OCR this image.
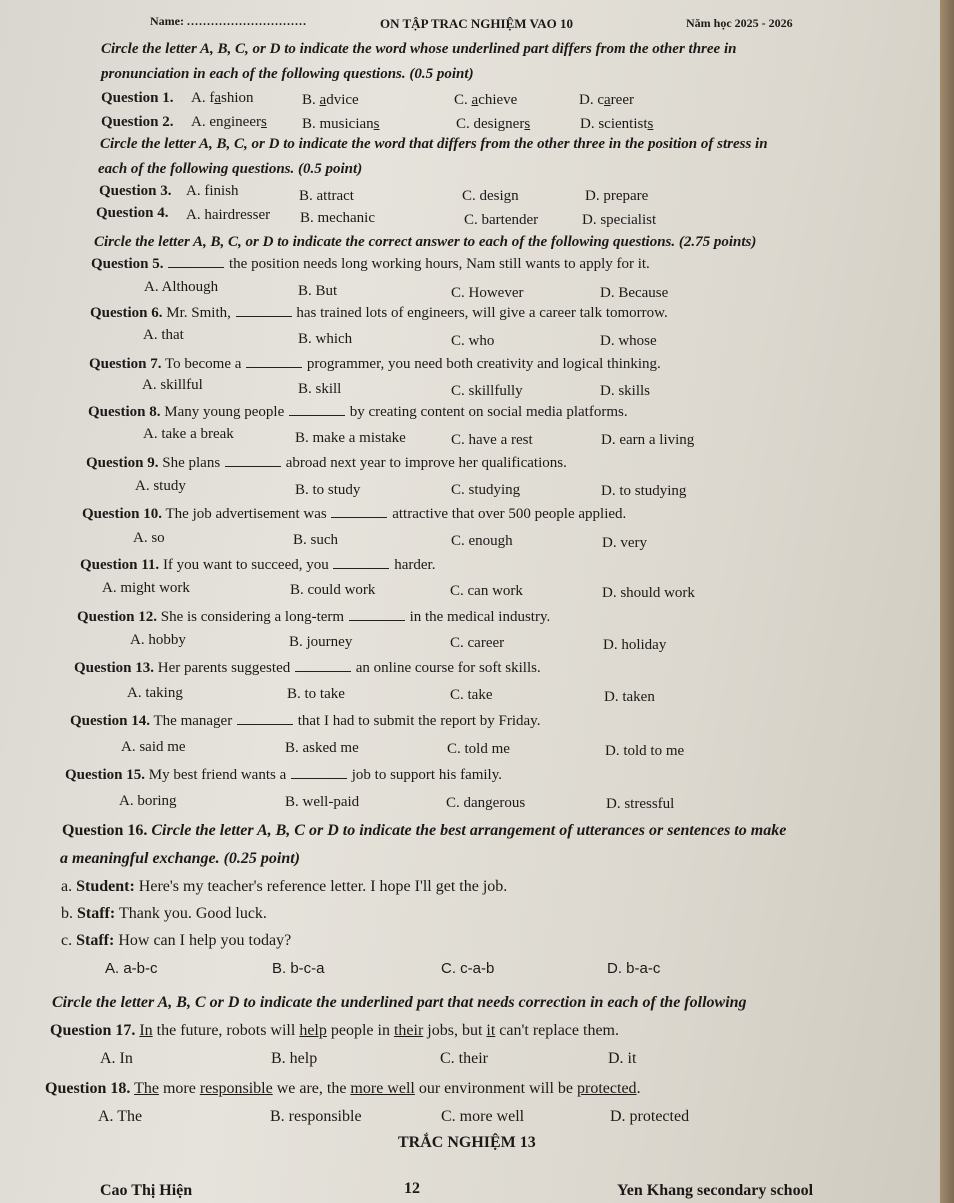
Name: ..............................	ON TẬP TRAC NGHIỆM VAO 10	Năm học 2025 - 2026
Circle the letter A, B, C, or D to indicate the word whose underlined part differs from the other three in
pronunciation in each of the following questions. (0.5 point)
Question 1. A. fashion	B. advice	C. achieve	D. career
Question 2. A. engineers B. musicians	C. designers	D. scientists
Circle the letter A, B, C, or D to indicate the word that differs from the other three in the position of stress in
each of the following questions. (0.5 point)
Question 3. A. finish	B. attract	C. design	D. prepare
Question 4. A. hairdresser B. mechanic	C. bartender	D. specialist
Circle the letter A, B, C, or D to indicate the correct answer to each of the following questions. (2.75 points)
Question 5.	the position needs long working hours, Nam still wants to apply for it.
A. Although	B. But	C. However	D. Because
Question 6. Mr. Smith,	has trained lots of engineers, will give a career talk tomorrow.
A. that	B. which	C. who	D. whose
Question 7. To become a	programmer, you need both creativity and logical thinking.
A. skillful	B. skill	C. skillfully	D. skills
Question 8. Many young people	by creating content on social media platforms.
A. take a break	B. make a mistake	C. have a rest	D. earn a living
Question 9. She plans	abroad next year to improve her qualifications.
A. study	B. to study	C. studying	D. to studying
Question 10. The job advertisement was	attractive that over 500 people applied.
A. so	B. such	C. enough	D. very
Question 11. If you want to succeed, you	harder.
A. might work	B. could work	C. can work	D. should work
Question 12. She is considering a long-term	in the medical industry.
A. hobby	B. journey	C. career	D. holiday
Question 13. Her parents suggested	an online course for soft skills.
A. taking	B. to take	C. take	D. taken
Question 14. The manager	that I had to submit the report by Friday.
A. said me	B. asked me	C. told me	D. told to me
Question 15. My best friend wants a	job to support his family.
A. boring	B. well-paid	C. dangerous	D. stressful
Question 16. Circle the letter A, B, C or D to indicate the best arrangement of utterances or sentences to make
a meaningful exchange. (0.25 point)
a. Student: Here's my teacher's reference letter. I hope I'll get the job.
b. Staff: Thank you. Good luck.
c. Staff: How can I help you today?
A. a-b-c	B. b-c-a	C. c-a-b	D. b-a-c
Circle the letter A, B, C or D to indicate the underlined part that needs correction in each of the following
Question 17. In the future, robots will help people in their jobs, but it can't replace them.
A. In	B. help	C. their	D. it
Question 18. The more responsible we are, the more well our environment will be protected.
A. The	B. responsible	C. more well	D. protected
TRẮC NGHIỆM 13
Cao Thị Hiện	12	Yen Khang secondary school
